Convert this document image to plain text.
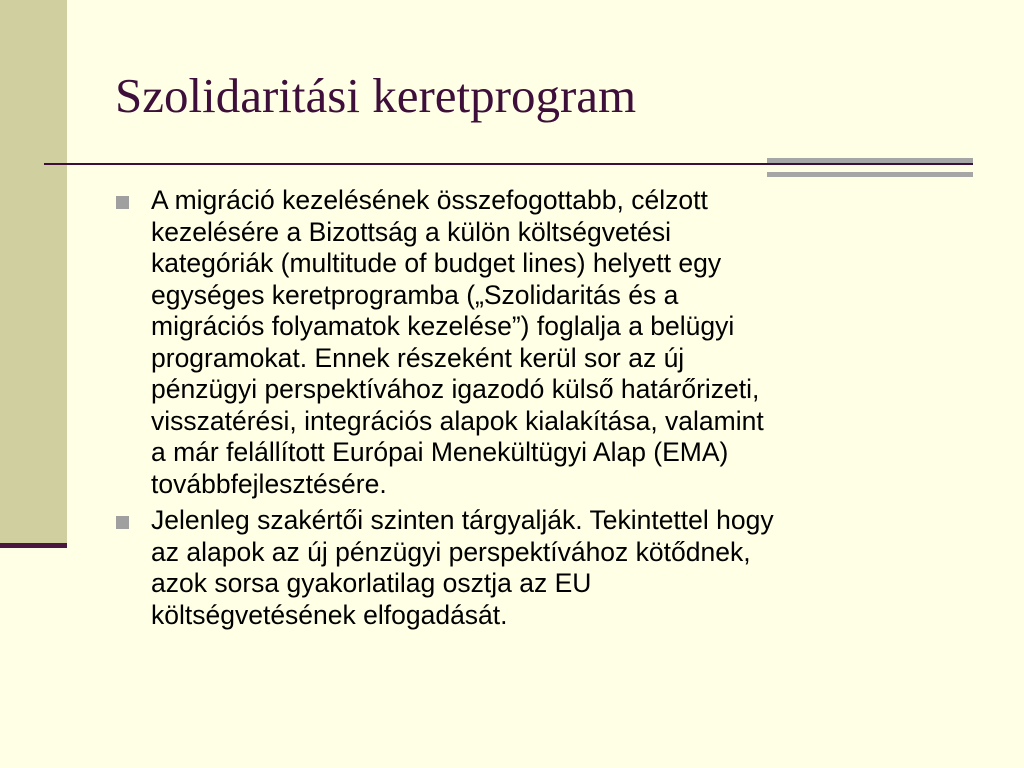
Szolidaritási keretprogram
A migráció kezelésének összefogottabb, célzott
kezelésére a Bizottság a külön költségvetési
kategóriák (multitude of budget lines) helyett egy
egységes keretprogramba („Szolidaritás és a
migrációs folyamatok kezelése”) foglalja a belügyi
programokat. Ennek részeként kerül sor az új
pénzügyi perspektívához igazodó külső határőrizeti,
visszatérési, integrációs alapok kialakítása, valamint
a már felállított Európai Menekültügyi Alap (EMA)
továbbfejlesztésére.
Jelenleg szakértői szinten tárgyalják. Tekintettel hogy
az alapok az új pénzügyi perspektívához kötődnek,
azok sorsa gyakorlatilag osztja az EU
költségvetésének elfogadását.
